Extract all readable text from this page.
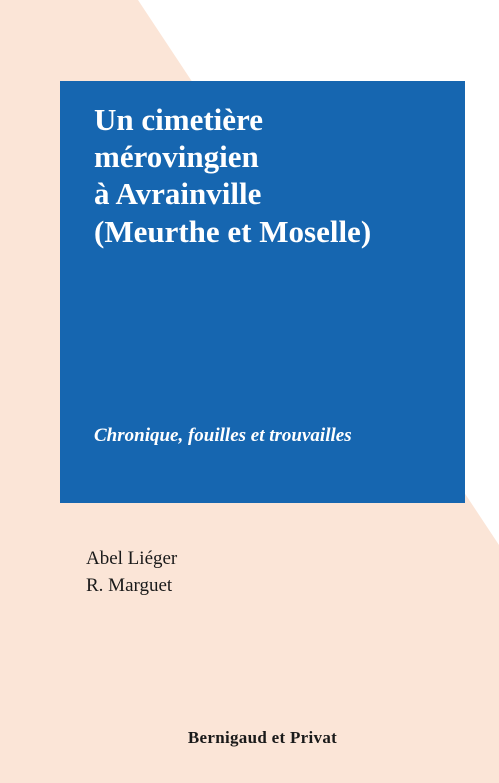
Un cimetière
mérovingien
à Avrainville
(Meurthe et Moselle)

Chronique, fouilles et trouvailles

Abel Liéger
R. Marguet

Bernigaud et Privat
